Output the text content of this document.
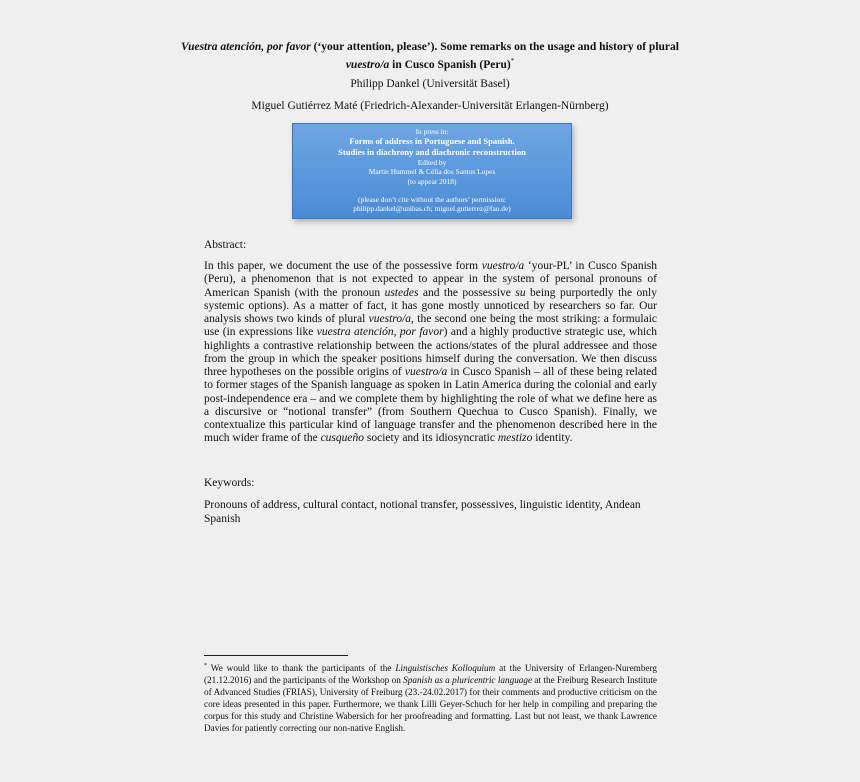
Vuestra atención, por favor (‘your attention, please’). Some remarks on the usage and history of plural vuestro/a in Cusco Spanish (Peru)*
Philipp Dankel (Universität Basel)
Miguel Gutiérrez Maté (Friedrich-Alexander-Universität Erlangen-Nürnberg)
In press in:
Forms of address in Portuguese and Spanish.
Studies in diachrony and diachronic reconstruction
Edited by
Martin Hummel & Célia dos Santos Lopes
(to appear 2018)
(please don’t cite without the authors’ permission:
philipp.dankel@unibas.ch; miguel.gutierrez@fau.de)
Abstract:
In this paper, we document the use of the possessive form vuestro/a ‘your-PL’ in Cusco Spanish (Peru), a phenomenon that is not expected to appear in the system of personal pronouns of American Spanish (with the pronoun ustedes and the possessive su being purportedly the only systemic options). As a matter of fact, it has gone mostly unnoticed by researchers so far. Our analysis shows two kinds of plural vuestro/a, the second one being the most striking: a formulaic use (in expressions like vuestra atención, por favor) and a highly productive strategic use, which highlights a contrastive relationship between the actions/states of the plural addressee and those from the group in which the speaker positions himself during the conversation. We then discuss three hypotheses on the possible origins of vuestro/a in Cusco Spanish – all of these being related to former stages of the Spanish language as spoken in Latin America during the colonial and early post-independence era – and we complete them by highlighting the role of what we define here as a discursive or “notional transfer” (from Southern Quechua to Cusco Spanish). Finally, we contextualize this particular kind of language transfer and the phenomenon described here in the much wider frame of the cusqueño society and its idiosyncratic mestizo identity.
Keywords:
Pronouns of address, cultural contact, notional transfer, possessives, linguistic identity, Andean Spanish
* We would like to thank the participants of the Linguistisches Kolloquium at the University of Erlangen-Nuremberg (21.12.2016) and the participants of the Workshop on Spanish as a pluricentric language at the Freiburg Research Institute of Advanced Studies (FRIAS), University of Freiburg (23.-24.02.2017) for their comments and productive criticism on the core ideas presented in this paper. Furthermore, we thank Lilli Geyer-Schuch for her help in compiling and preparing the corpus for this study and Christine Wabersich for her proofreading and formatting. Last but not least, we thank Lawrence Davies for patiently correcting our non-native English.
